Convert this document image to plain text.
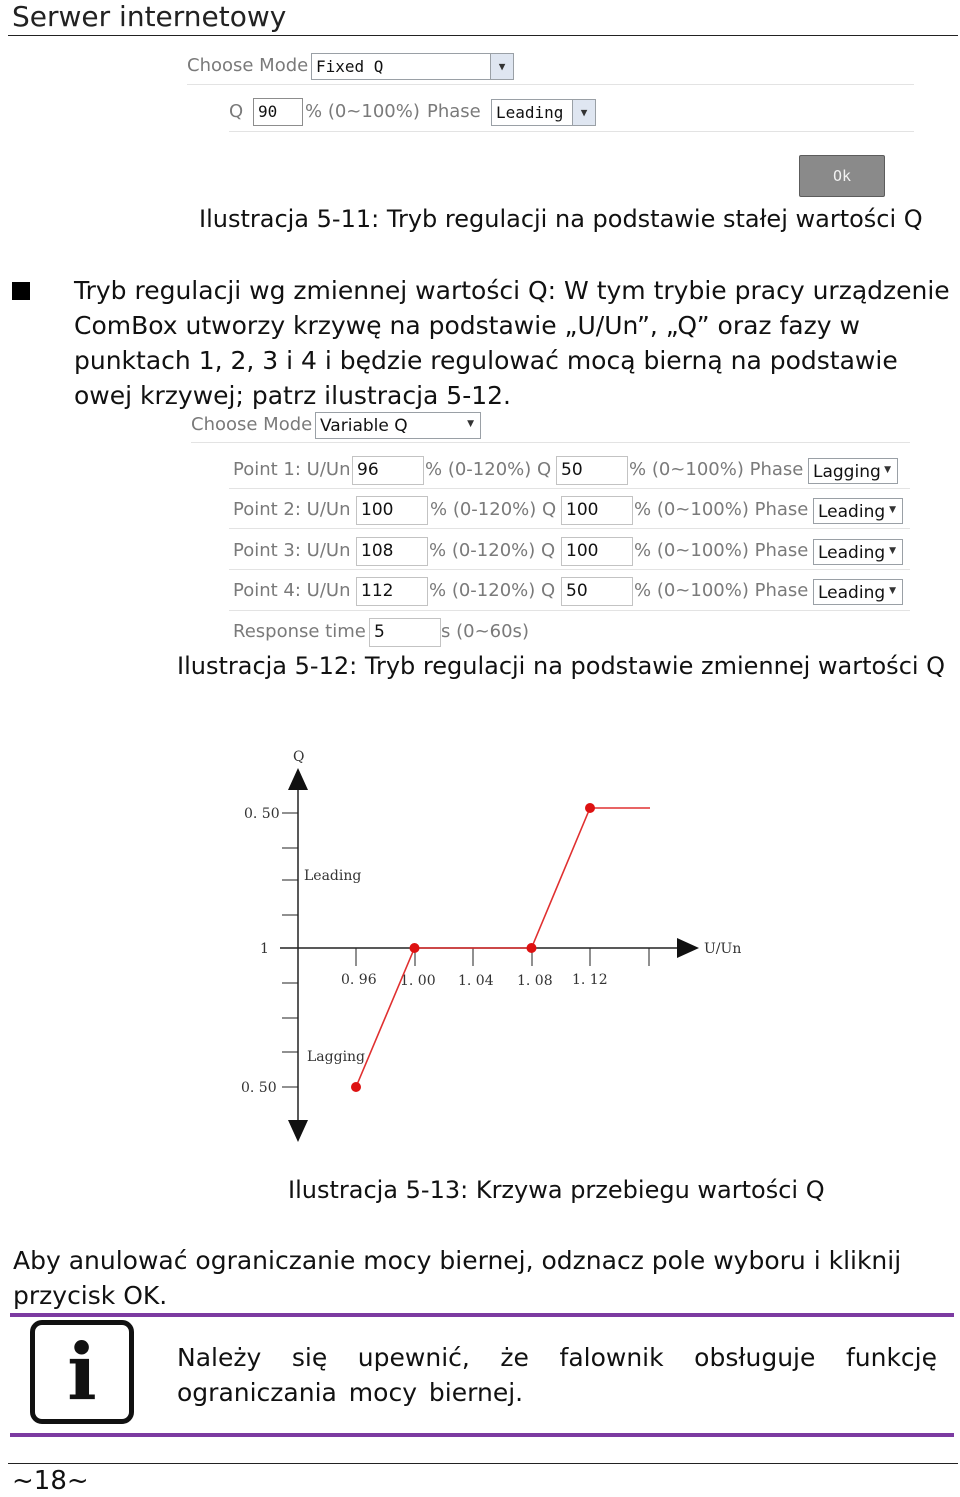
Serwer internetowy
Choose Mode Fixed Q	▼
Q 90	% (0~100%) Phase Leading	▼
Ok
Ilustracja 5-11: Tryb regulacji na podstawie stałej wartości Q
Tryb regulacji wg zmiennej wartości Q: W tym trybie pracy urządzenie ComBox utworzy krzywę na podstawie „U/Un”, „Q” oraz fazy w punktach 1, 2, 3 i 4 i będzie regulować mocą bierną na podstawie owej krzywej; patrz ilustracja 5-12.
Choose Mode Variable Q	▼
Point 1: U/Un 96	% (0-120%) Q 50	% (0~100%) Phase Lagging ▼
Point 2: U/Un 100	% (0-120%) Q 100	% (0~100%) Phase Leading ▼
Point 3: U/Un 108	% (0-120%) Q 100	% (0~100%) Phase Leading ▼
Point 4: U/Un 112	% (0-120%) Q 50	% (0~100%) Phase Leading ▼
Response time 5	s (0~60s)
Ilustracja 5-12: Tryb regulacji na podstawie zmiennej wartości Q
Q
0. 50
1
0. 50
Leading
Lagging
U/Un
0. 96 1. 00 1. 04 1. 08 1. 12
Ilustracja 5-13: Krzywa przebiegu wartości Q
Aby anulować ograniczanie mocy biernej, odznacz pole wyboru i kliknij przycisk OK.
i	Należy się upewnić, że falownik obsługuje funkcję ograniczania mocy biernej.
~18~
